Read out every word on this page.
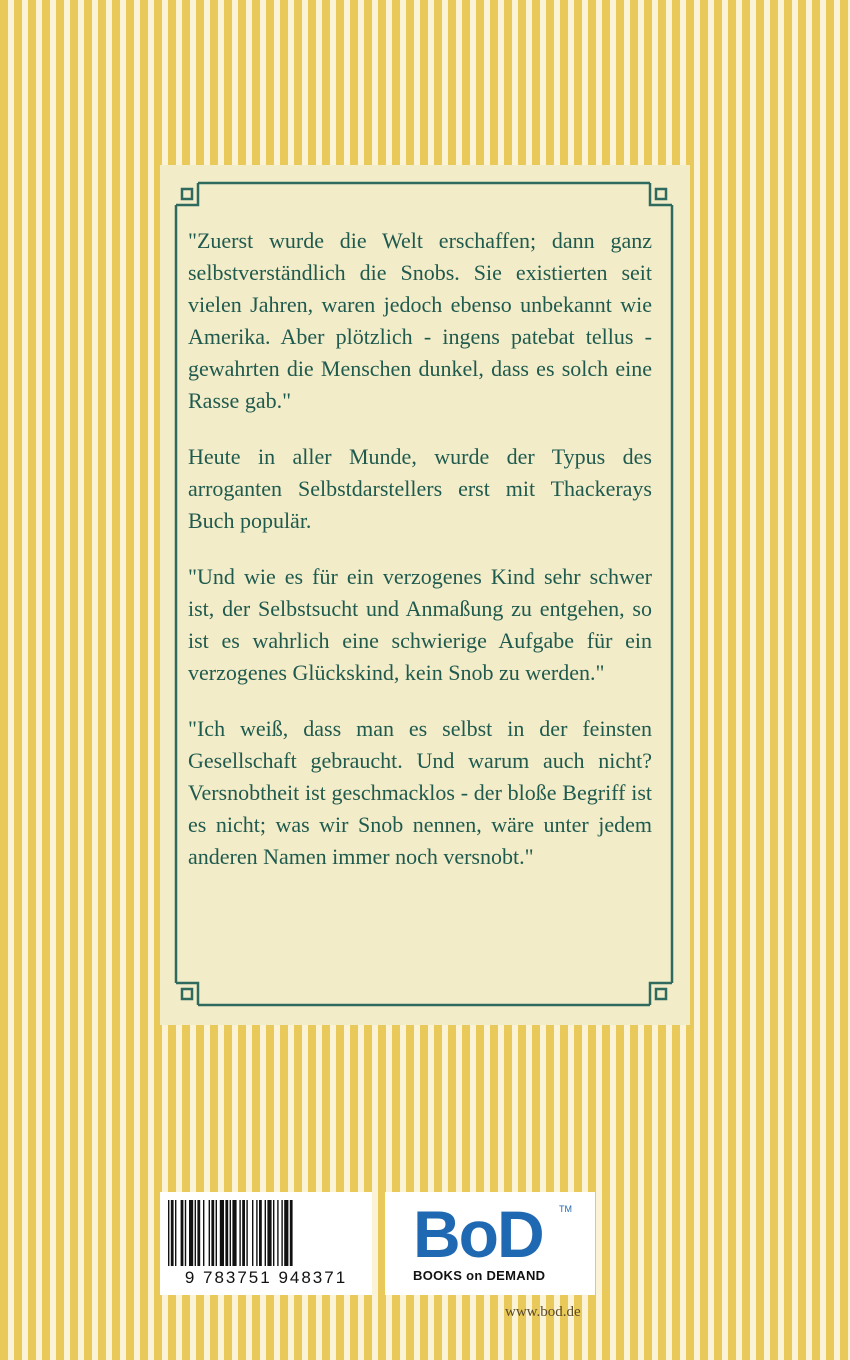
"Zuerst wurde die Welt erschaffen; dann ganz selbstverständlich die Snobs. Sie existierten seit vielen Jahren, waren jedoch ebenso unbekannt wie Amerika. Aber plötzlich - ingens patebat tellus - gewahrten die Menschen dunkel, dass es solch eine Rasse gab."

Heute in aller Munde, wurde der Typus des arroganten Selbstdarstellers erst mit Thackerays Buch populär.

"Und wie es für ein verzogenes Kind sehr schwer ist, der Selbstsucht und Anmaßung zu entgehen, so ist es wahrlich eine schwierige Aufgabe für ein verzogenes Glückskind, kein Snob zu werden."

"Ich weiß, dass man es selbst in der feinsten Gesellschaft gebraucht. Und warum auch nicht? Versnobtheit ist geschmacklos - der bloße Begriff ist es nicht; was wir Snob nennen, wäre unter jedem anderen Namen immer noch versnobt."

9 783751 948371
BoD TM
BOOKS on DEMAND
www.bod.de
